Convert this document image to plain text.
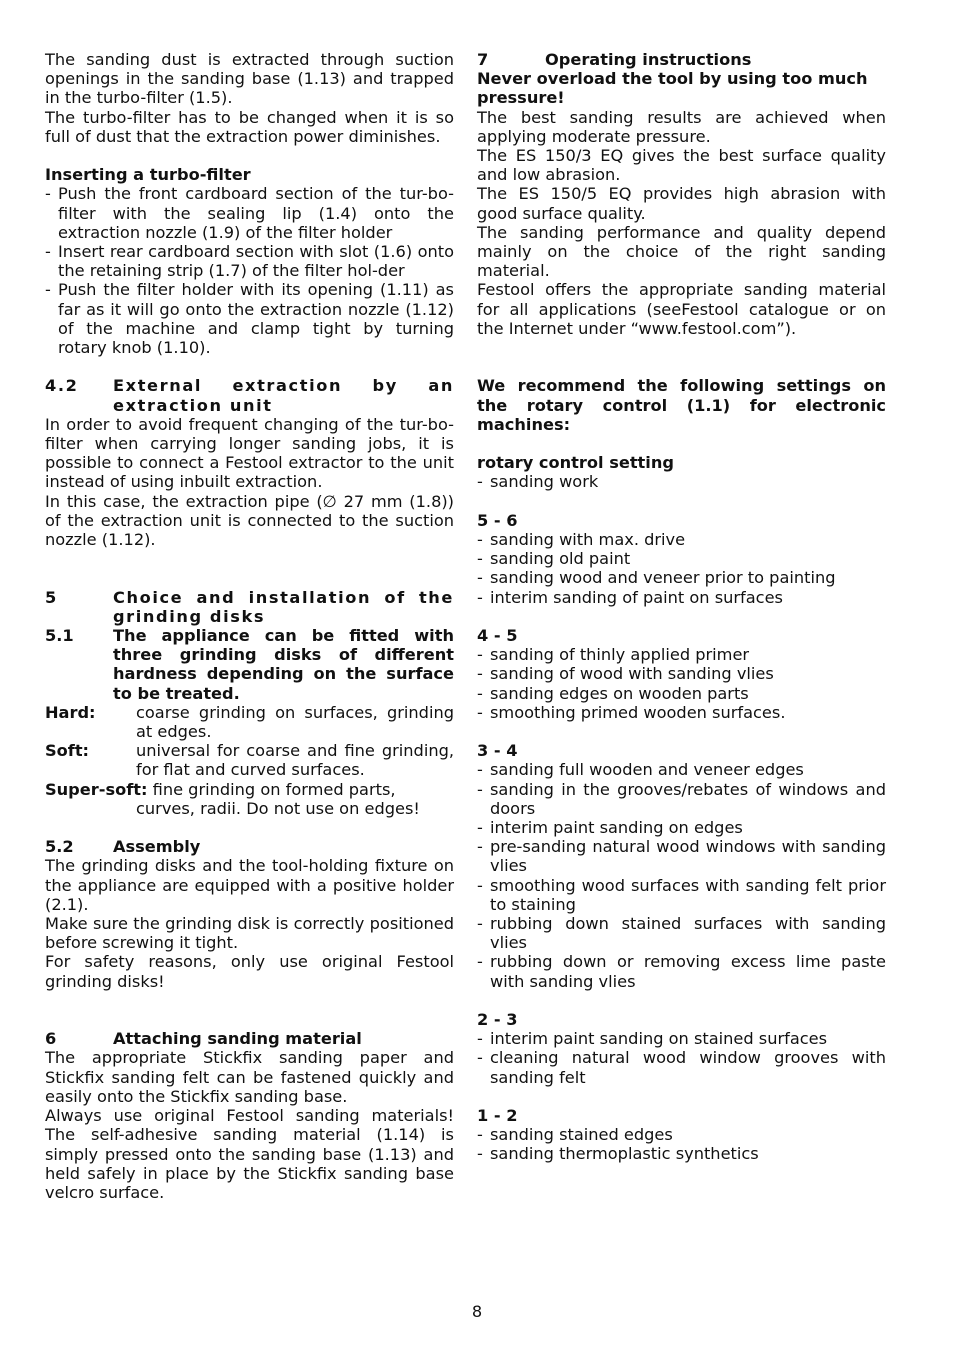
The sanding dust is extracted through suction openings in the sanding base (1.13) and trapped in the turbo-filter (1.5).

The turbo-filter has to be changed when it is so full of dust that the extraction power diminishes.

Inserting a turbo-filter

- Push the front cardboard section of the tur-bo-filter with the sealing lip (1.4) onto the extraction nozzle (1.9) of the filter holder
- Insert rear cardboard section with slot (1.6) onto the retaining strip (1.7) of the filter hol-der
- Push the filter holder with its opening (1.11) as far as it will go onto the extraction nozzle (1.12) of the machine and clamp tight by turning rotary knob (1.10).
4.2	External extraction by an extraction unit

In order to avoid frequent changing of the tur-bo-filter when carrying longer sanding jobs, it is possible to connect a Festool extractor to the unit instead of using inbuilt extraction.

In this case, the extraction pipe (∅ 27 mm (1.8)) of the extraction unit is connected to the suction nozzle (1.12).

5	Choice and installation of the grinding disks
5.1	The appliance can be fitted with three grinding disks of different hardness depending on the surface to be treated.
Hard:	coarse grinding on surfaces, grinding at edges.
Soft:	universal for coarse and fine grinding, for flat and curved surfaces.
Super-soft: fine grinding on formed parts,
curves, radii. Do not use on edges!
5.2	Assembly

The grinding disks and the tool-holding fixture on the appliance are equipped with a positive holder (2.1).

Make sure the grinding disk is correctly positioned before screwing it tight.

For safety reasons, only use original Festool grinding disks!

6	Attaching sanding material

The appropriate Stickfix sanding paper and Stickfix sanding felt can be fastened quickly and easily onto the Stickfix sanding base.

Always use original Festool sanding materials! The self-adhesive sanding material (1.14) is simply pressed onto the sanding base (1.13) and held safely in place by the Stickfix sanding base velcro surface.

7	Operating instructions

Never overload the tool by using too much pressure!

The best sanding results are achieved when applying moderate pressure.

The ES 150/3 EQ gives the best surface quality and low abrasion.

The ES 150/5 EQ provides high abrasion with good surface quality.

The sanding performance and quality depend mainly on the choice of the right sanding material.

Festool offers the appropriate sanding material for all applications (seeFestool catalogue or on the Internet under “www.festool.com”).

We recommend the following settings on the rotary control (1.1) for electronic machines:

rotary control setting

- sanding work

5 - 6

- sanding with max. drive
- sanding old paint
- sanding wood and veneer prior to painting
- interim sanding of paint on surfaces

4 - 5

- sanding of thinly applied primer
- sanding of wood with sanding vlies
- sanding edges on wooden parts
- smoothing primed wooden surfaces.

3 - 4

- sanding full wooden and veneer edges
- sanding in the grooves/rebates of windows and doors
- interim paint sanding on edges
- pre-sanding natural wood windows with sanding vlies
- smoothing wood surfaces with sanding felt prior to staining
- rubbing down stained surfaces with sanding vlies
- rubbing down or removing excess lime paste with sanding vlies

2 - 3

- interim paint sanding on stained surfaces
- cleaning natural wood window grooves with sanding felt

1 - 2

- sanding stained edges
- sanding thermoplastic synthetics
8
